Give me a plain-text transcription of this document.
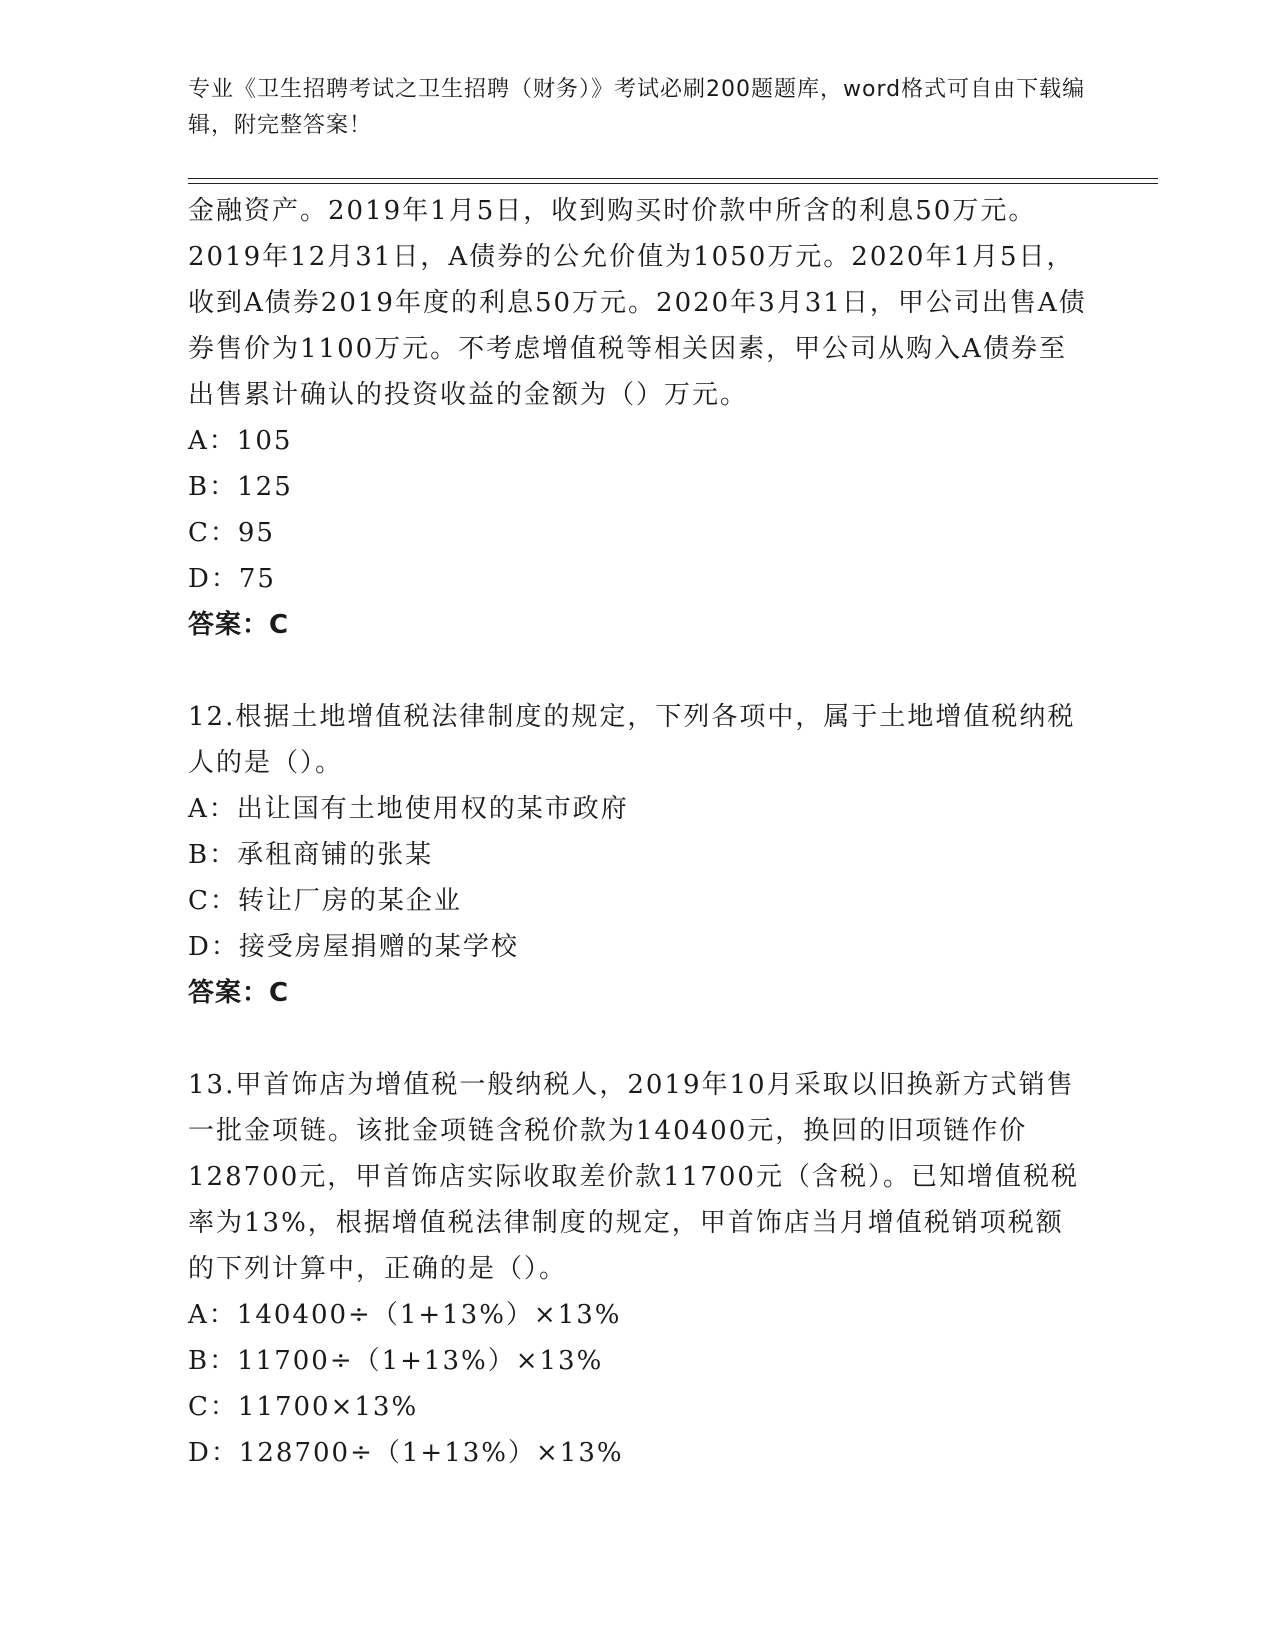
专业《卫生招聘考试之卫生招聘（财务）》考试必刷200题题库，word格式可自由下载编辑，附完整答案！

金融资产。2019年1月5日，收到购买时价款中所含的利息50万元。2019年12月31日，A债券的公允价值为1050万元。2020年1月5日，收到A债券2019年度的利息50万元。2020年3月31日，甲公司出售A债券售价为1100万元。不考虑增值税等相关因素，甲公司从购入A债券至出售累计确认的投资收益的金额为（）万元。

A：105

B：125

C：95

D：75

答案：C

12.根据土地增值税法律制度的规定，下列各项中，属于土地增值税纳税人的是（）。

A：出让国有土地使用权的某市政府

B：承租商铺的张某

C：转让厂房的某企业

D：接受房屋捐赠的某学校

答案：C

13.甲首饰店为增值税一般纳税人，2019年10月采取以旧换新方式销售一批金项链。该批金项链含税价款为140400元，换回的旧项链作价128700元，甲首饰店实际收取差价款11700元（含税）。已知增值税税率为13%，根据增值税法律制度的规定，甲首饰店当月增值税销项税额的下列计算中，正确的是（）。

A：140400÷（1+13%）×13%

B：11700÷（1+13%）×13%

C：11700×13%

D：128700÷（1+13%）×13%
